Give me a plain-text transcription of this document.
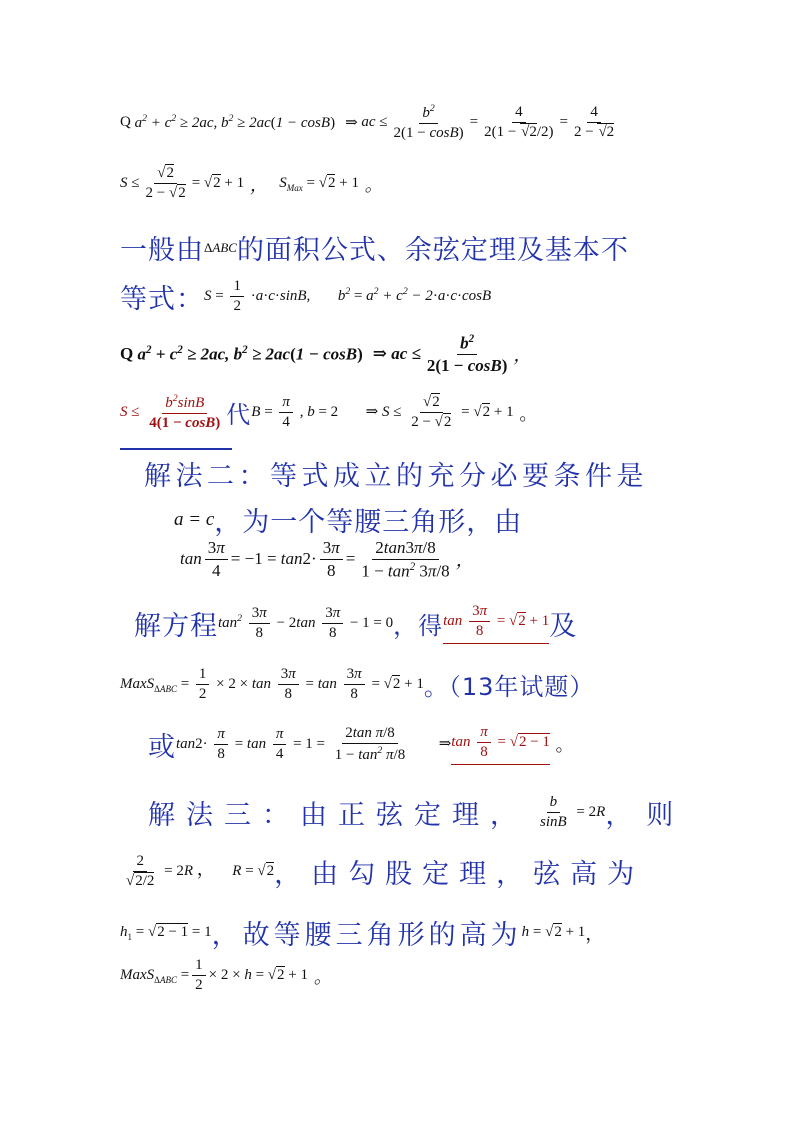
Q
$a^2 + c^2 \ge 2ac$, $b^2 \ge 2ac(1 - \cos B)$ ⇒ ac ≤ $\frac{b^2}{2(1 - \cos B)} = \frac{4}{2(1 - √2/2)} = \frac{4}{2 - √2}$
$S \le \frac{√2}{2 - √2} = √2 + 1$ ， $S_{Max} = √2 + 1$ 。
一般由 ΔABC 的面积公式、余弦定理及基本不
等式： $S = \frac{1}{2} \cdot a\cdot c\cdot\sin B$, $b^2 = a^2 + c^2 - 2\cdot a\cdot c\cdot\cos B$
Q
$a^2 + c^2 \ge 2ac$, $b^2 \ge 2ac(1 - \cos B)$ ⇒ ac ≤ $\frac{b^2}{2(1 - \cos B)}$ ，
$S \le \frac{b^2\sin B}{4(1 - \cos B)}$ 代 $B = \frac{\pi}{4}$ , b = 2 ⇒ $S \le \frac{√2}{2 - √2} = √2 + 1$ 。
解法二：等式成立的充分必要条件是
a = c ，为一个等腰三角形，由
$\tan \frac{3\pi}{4} = -1$ =
$\tan 2\cdot \frac{3\pi}{8} = \frac{2\tan 3\pi/8}{1 - \tan^2 3\pi/8}$ ，
解方程 $\tan^2 \frac{3\pi}{8} - 2\tan \frac{3\pi}{8} - 1 = 0$ ，得 $\tan \frac{3\pi}{8} = √2 + 1$ 及
MaxS$_{\Delta ABC}$ = $\frac{1}{2} \times 2 \times \tan \frac{3\pi}{8} = \tan \frac{3\pi}{8} = √2 + 1$ 。（13年试题）
或 $\tan 2\cdot \frac{\pi}{8} = \tan \frac{\pi}{4} = 1 = \frac{\text{2tan π/8}}{1 - \tan^2 \pi/8}$ ⇒ $\tan \frac{\pi}{8} = √2 - 1$ 。
解法三：由正弦定理， $\frac{b}{\sin B} = 2R$ ，则
$\frac{2}{√2/2} = 2R$ ， R = √2 ，由勾股定理，弦高为
$h_1 = √2 - 1 = 1$ ，故等腰三角形的高为 h = √2 + 1 ，
MaxS$_{\Delta ABC}$ = $\frac{1}{2} \times 2 \times h = √2 + 1$ 。
